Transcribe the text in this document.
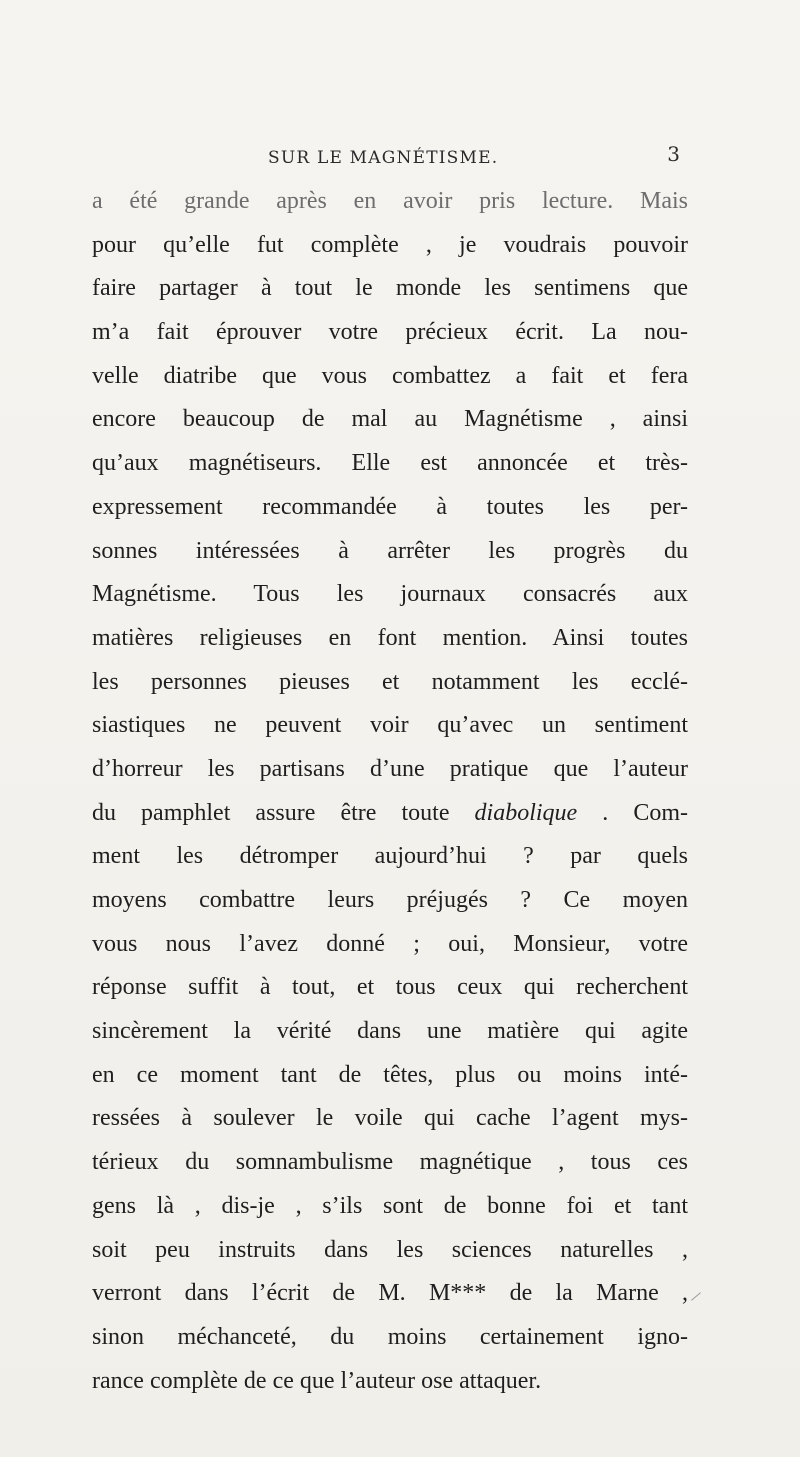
SUR LE MAGNÉTISME.	3
a été grande après en avoir pris lecture. Mais
pour qu’elle fut complète , je voudrais pouvoir
faire partager à tout le monde les sentimens que
m’a fait éprouver votre précieux écrit. La nou-
velle diatribe que vous combattez a fait et fera
encore beaucoup de mal au Magnétisme , ainsi
qu’aux magnétiseurs. Elle est annoncée et très-
expressement recommandée à toutes les per-
sonnes intéressées à arrêter les progrès du
Magnétisme. Tous les journaux consacrés aux
matières religieuses en font mention. Ainsi toutes
les personnes pieuses et notamment les ecclé-
siastiques ne peuvent voir qu’avec un sentiment
d’horreur les partisans d’une pratique que l’auteur
du pamphlet assure être toute diabolique . Com-
ment les détromper aujourd’hui ? par quels
moyens combattre leurs préjugés ? Ce moyen
vous nous l’avez donné ; oui, Monsieur, votre
réponse suffit à tout, et tous ceux qui recherchent
sincèrement la vérité dans une matière qui agite
en ce moment tant de têtes, plus ou moins inté-
ressées à soulever le voile qui cache l’agent mys-
térieux du somnambulisme magnétique , tous ces
gens là , dis-je , s’ils sont de bonne foi et tant
soit peu instruits dans les sciences naturelles ,
verront dans l’écrit de M. M*** de la Marne ,
sinon méchanceté, du moins certainement igno-
rance complète de ce que l’auteur ose attaquer.
